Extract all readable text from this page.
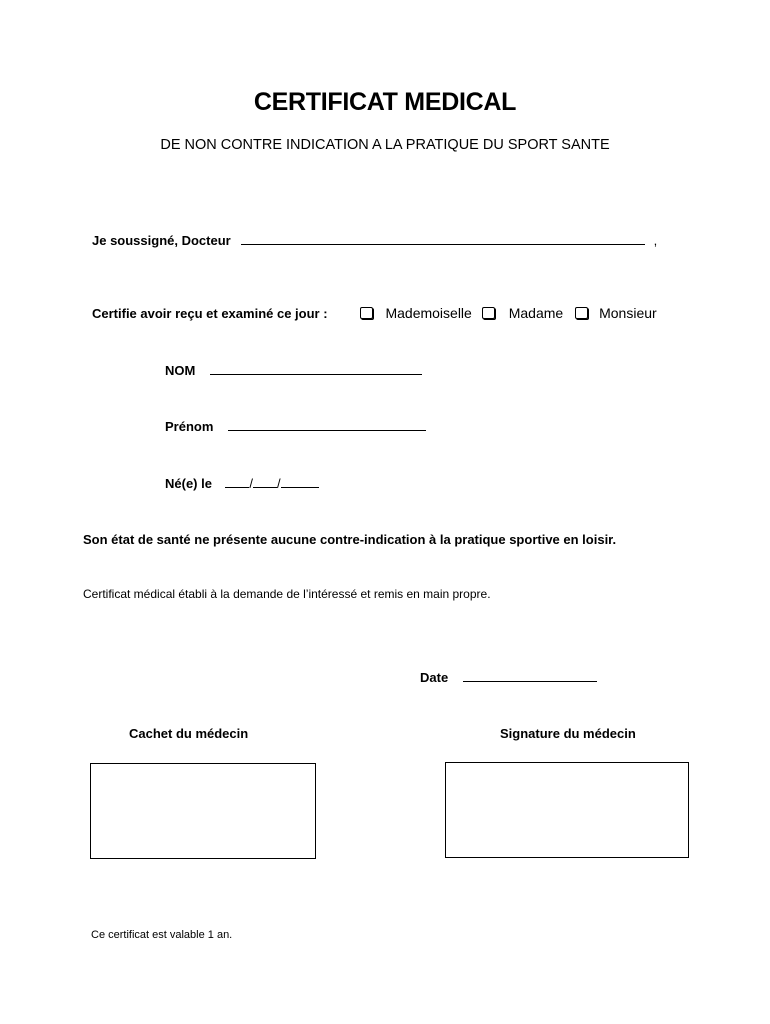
CERTIFICAT MEDICAL
DE NON CONTRE INDICATION A LA PRATIQUE DU SPORT SANTE
Je soussigné, Docteur	,
Certifie avoir reçu et examiné ce jour :	Mademoiselle	Madame	Monsieur
NOM
Prénom
Né(e) le	/ /
Son état de santé ne présente aucune contre-indication à la pratique sportive en loisir.
Certificat médical établi à la demande de l’intéressé et remis en main propre.
Date
Cachet du médecin	Signature du médecin
Ce certificat est valable 1 an.
